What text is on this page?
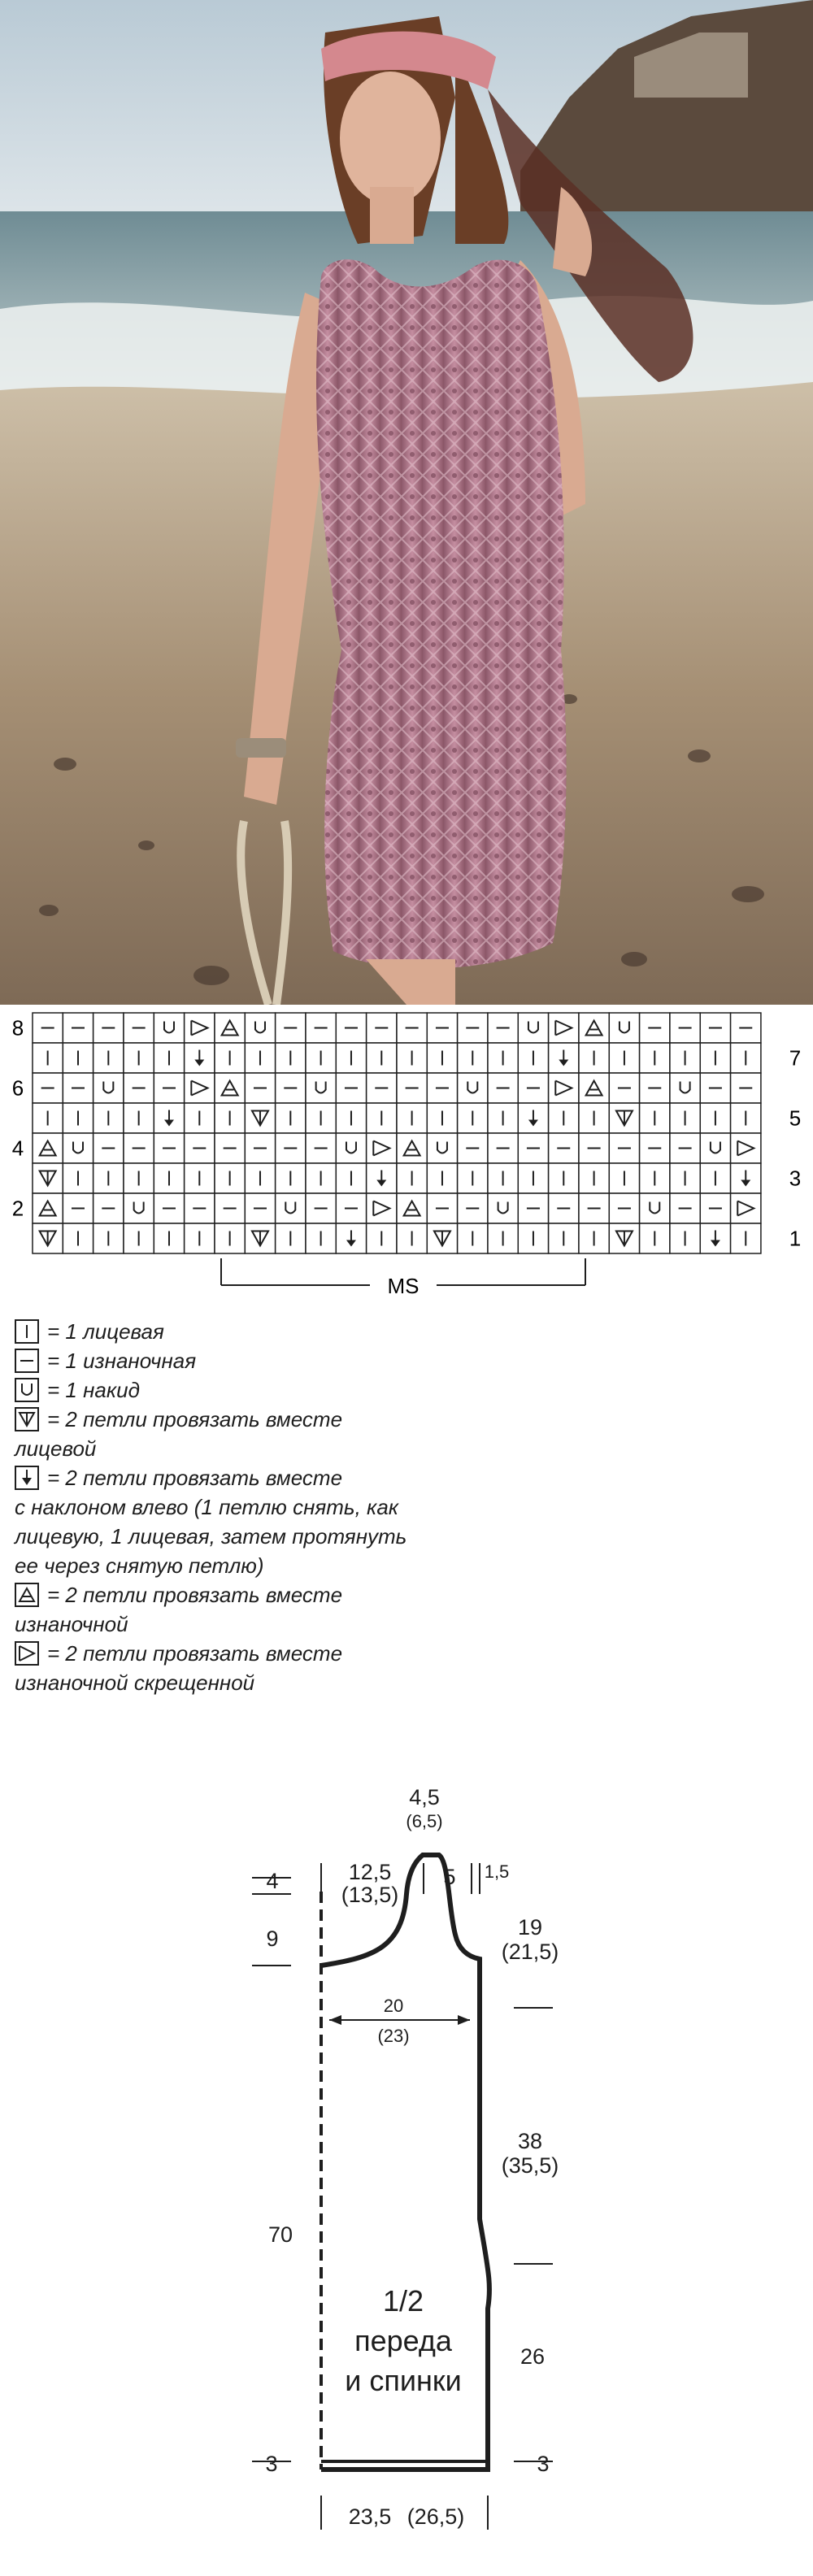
8
6
4
2
7
5
3
1
MS
= 1 лицевая
= 1 изнаночная
= 1 накид
= 2 петли провязать вместе
лицевой
= 2 петли провязать вместе
с наклоном влево (1 петлю снять, как
лицевую, 1 лицевая, затем протянуть
ее через снятую петлю)
= 2 петли провязать вместе
изнаночной
= 2 петли провязать вместе
изнаночной скрещенной
4,5
(6,5)
12,5
(13,5)
5 1,5
4
9
70
3
19
(21,5)
38
(35,5)
26
3
20
(23)
1/2
переда
и спинки
23,5 (26,5)
